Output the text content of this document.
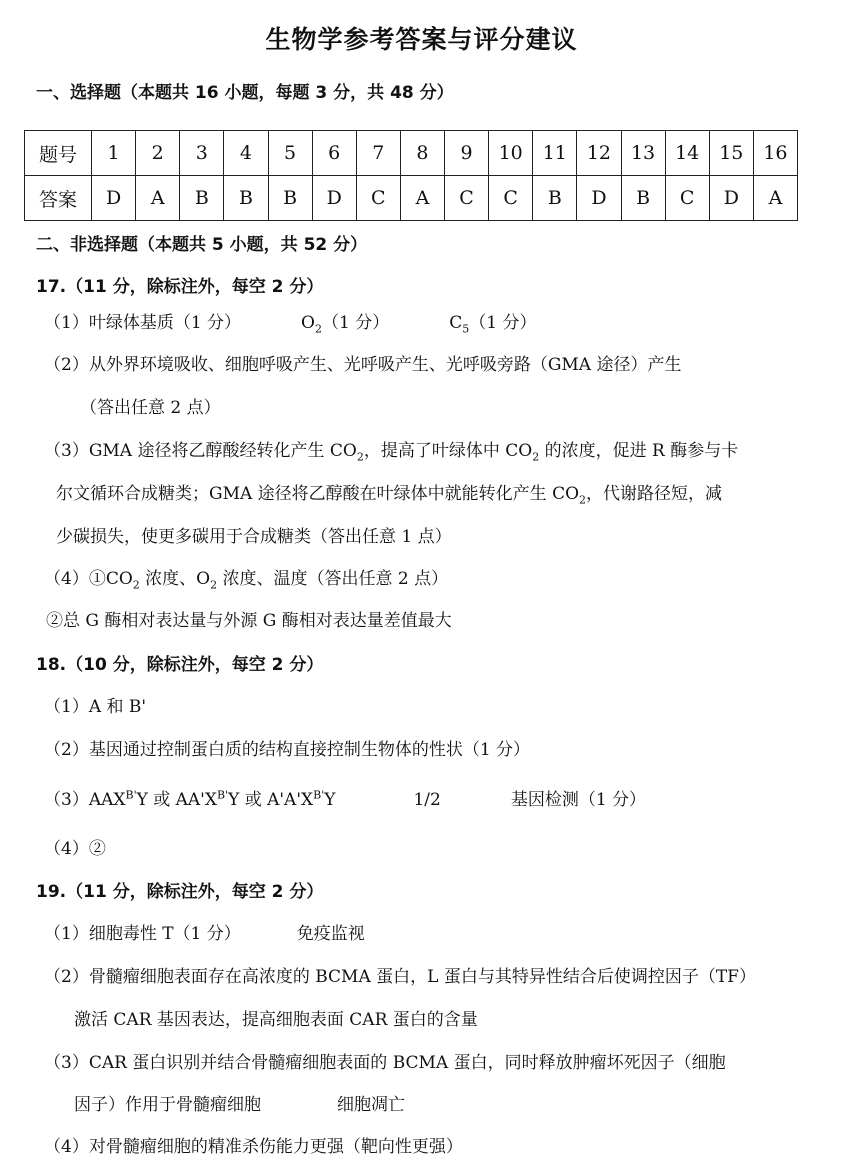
生物学参考答案与评分建议
一、选择题（本题共 16 小题，每题 3 分，共 48 分）
题号	1	2	3	4	5	6	7	8	9	10	11	12	13	14	15	16
答案	D	A	B	B	B	D	C	A	C	C	B	D	B	C	D	A
二、非选择题（本题共 5 小题，共 52 分）
17.（11 分，除标注外，每空 2 分）
（1）叶绿体基质（1 分）	$O_2(1$ 分）	$C_5(1$ 分）
（2）从外界环境吸收、细胞呼吸产生、光呼吸产生、光呼吸旁路（GMA 途径）产生
（答出任意 2 点）
（3）GMA 途径将乙醇酸经转化产生 $CO_2$，提高了叶绿体中 $CO_2$ 的浓度，促进 R 酶参与卡
尔文循环合成糖类；GMA 途径将乙醇酸在叶绿体中就能转化产生 $CO_2$，代谢路径短，减
少碳损失，使更多碳用于合成糖类（答出任意 1 点）
$(4)①CO_2$ 浓度、$O_2$ 浓度、温度（答出任意 2 点）
②总 G 酶相对表达量与外源 G 酶相对表达量差值最大
18.（10 分，除标注外，每空 2 分）
（1）A 和 B'
（2）基因通过控制蛋白质的结构直接控制生物体的性状（1 分）
$(3)AAX^{B'}Y$ 或 $AA'X^{B'}Y$ 或 $A'A'X^{B'}Y$	1/2	基因检测（1 分）
（4）②
19.（11 分，除标注外，每空 2 分）
（1）细胞毒性 T（1 分）	免疫监视
（2）骨髓瘤细胞表面存在高浓度的 BCMA 蛋白，L 蛋白与其特异性结合后使调控因子（TF）
激活 CAR 基因表达，提高细胞表面 CAR 蛋白的含量
（3）CAR 蛋白识别并结合骨髓瘤细胞表面的 BCMA 蛋白，同时释放肿瘤坏死因子（细胞
因子）作用于骨髓瘤细胞	细胞凋亡
（4）对骨髓瘤细胞的精准杀伤能力更强（靶向性更强）
